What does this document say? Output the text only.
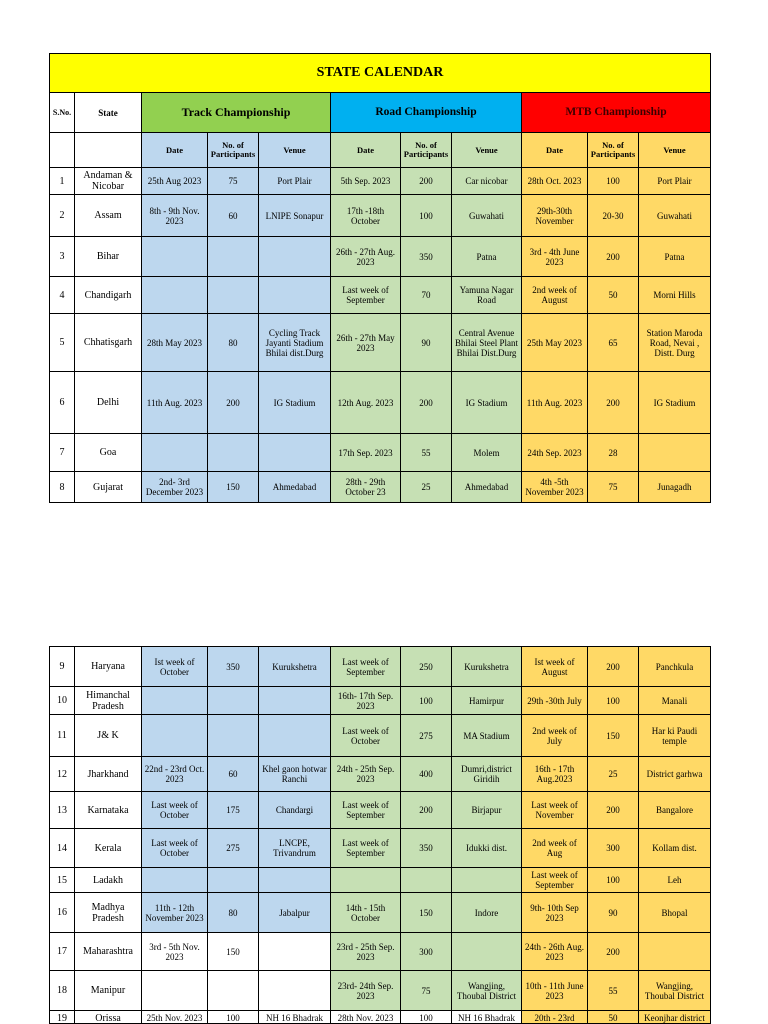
STATE CALENDAR										
S.No.	State	Track Championship			Road Championship			MTB Championship		
		Date	No. of Participants	Venue	Date	No. of Participants	Venue	Date	No. of Participants	Venue

1	Andaman & Nicobar	25th Aug 2023	75	Port Plair	5th Sep. 2023	200	Car nicobar	28th Oct. 2023	100	Port Plair

2	Assam	8th - 9th Nov. 2023	60	LNIPE Sonapur	17th -18th October	100	Guwahati	29th-30th November	20-30	Guwahati

3	Bihar				26th - 27th Aug. 2023	350	Patna	3rd - 4th June 2023	200	Patna

4	Chandigarh				Last week of September	70	Yamuna Nagar Road	2nd week of August	50	Morni Hills

5	Chhatisgarh	28th May 2023	80	Cycling Track Jayanti Stadium Bhilai dist.Durg	26th - 27th May 2023	90	Central Avenue Bhilai Steel Plant Bhilai Dist.Durg	25th May 2023	65	Station Maroda Road, Nevai , Distt. Durg

6	Delhi	11th Aug. 2023	200	IG Stadium	12th Aug. 2023	200	IG Stadium	11th Aug. 2023	200	IG Stadium

7	Goa				17th Sep. 2023	55	Molem	24th Sep. 2023	28	

8	Gujarat	2nd- 3rd December 2023	150	Ahmedabad	28th - 29th October 23	25	Ahmedabad	4th -5th November 2023	75	Junagadh
9	Haryana	Ist week of October	350	Kurukshetra	Last week of September	250	Kurukshetra	Ist week of August	200	Panchkula

10	Himanchal Pradesh				16th- 17th Sep. 2023	100	Hamirpur	29th -30th July	100	Manali

11	J& K				Last week of October	275	MA Stadium	2nd week of July	150	Har ki Paudi temple

12	Jharkhand	22nd - 23rd Oct. 2023	60	Khel gaon hotwar Ranchi	24th - 25th Sep. 2023	400	Dumri,district Giridih	16th - 17th Aug.2023	25	District garhwa

13	Karnataka	Last week of October	175	Chandargi	Last week of September	200	Birjapur	Last week of November	200	Bangalore

14	Kerala	Last week of October	275	LNCPE, Trivandrum	Last week of September	350	Idukki dist.	2nd week of Aug	300	Kollam dist.

15	Ladakh							Last week of September	100	Leh

16	Madhya Pradesh	11th - 12th November 2023	80	Jabalpur	14th - 15th October	150	Indore	9th- 10th Sep 2023	90	Bhopal

17	Maharashtra	3rd - 5th Nov. 2023	150		23rd - 25th Sep. 2023	300		24th - 26th Aug. 2023	200	

18	Manipur				23rd- 24th Sep. 2023	75	Wangjing, Thoubal District	10th - 11th June 2023	55	Wangjing, Thoubal District

19	Orissa	25th Nov. 2023	100	NH 16 Bhadrak	28th Nov. 2023	100	NH 16 Bhadrak	20th - 23rd	50	Keonjhar district
